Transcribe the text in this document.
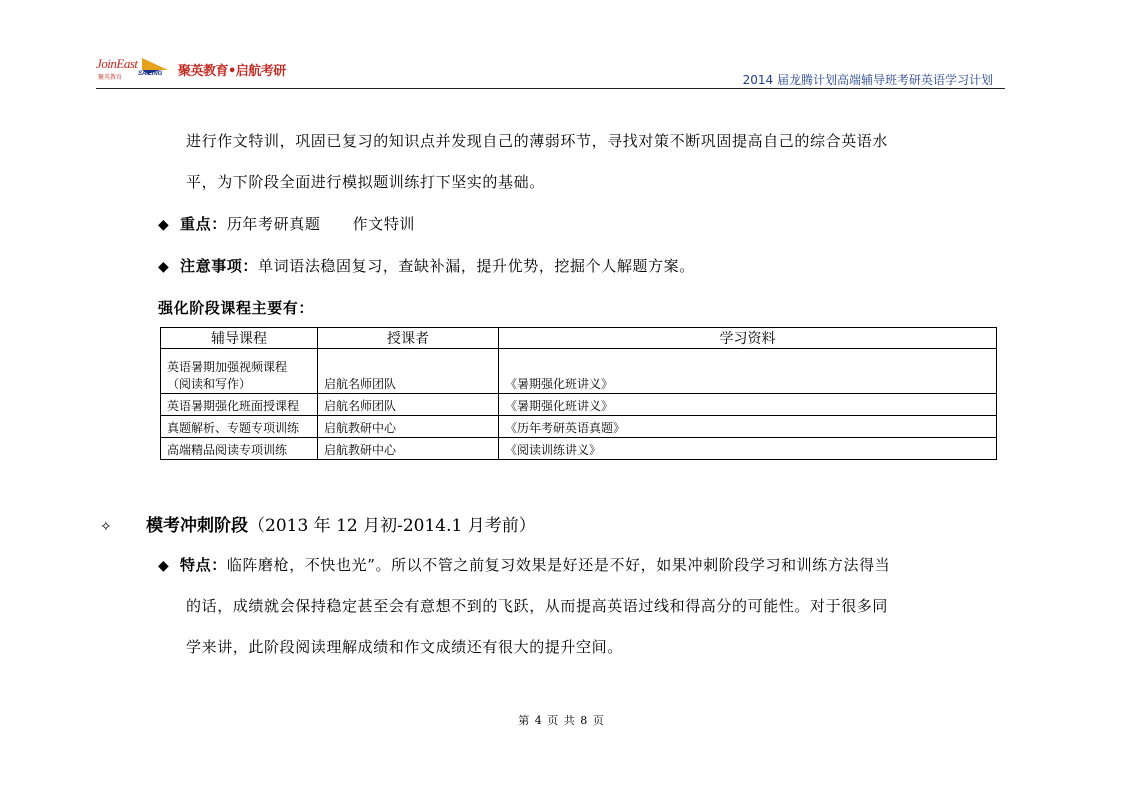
JoinEast
聚英教育	SAILING 聚英教育•启航考研
2014 届龙腾计划高端辅导班考研英语学习计划
进行作文特训，巩固已复习的知识点并发现自己的薄弱环节，寻找对策不断巩固提高自己的综合英语水
平，为下阶段全面进行模拟题训练打下坚实的基础。
◆ 重点：历年考研真题      作文特训
◆ 注意事项：单词语法稳固复习，查缺补漏，提升优势，挖掘个人解题方案。
强化阶段课程主要有：
辅导课程	授课者	学习资料

英语暑期加强视频课程
（阅读和写作）	启航名师团队	《暑期强化班讲义》
英语暑期强化班面授课程	启航名师团队	《暑期强化班讲义》
真题解析、专题专项训练	启航教研中心	《历年考研英语真题》
高端精品阅读专项训练	启航教研中心	《阅读训练讲义》
✧ 模考冲刺阶段（2013 年 12 月初-2014.1 月考前）
◆ 特点：临阵磨枪，不快也光”。所以不管之前复习效果是好还是不好，如果冲刺阶段学习和训练方法得当
的话，成绩就会保持稳定甚至会有意想不到的飞跃，从而提高英语过线和得高分的可能性。对于很多同
学来讲，此阶段阅读理解成绩和作文成绩还有很大的提升空间。
第 4 页 共 8 页
